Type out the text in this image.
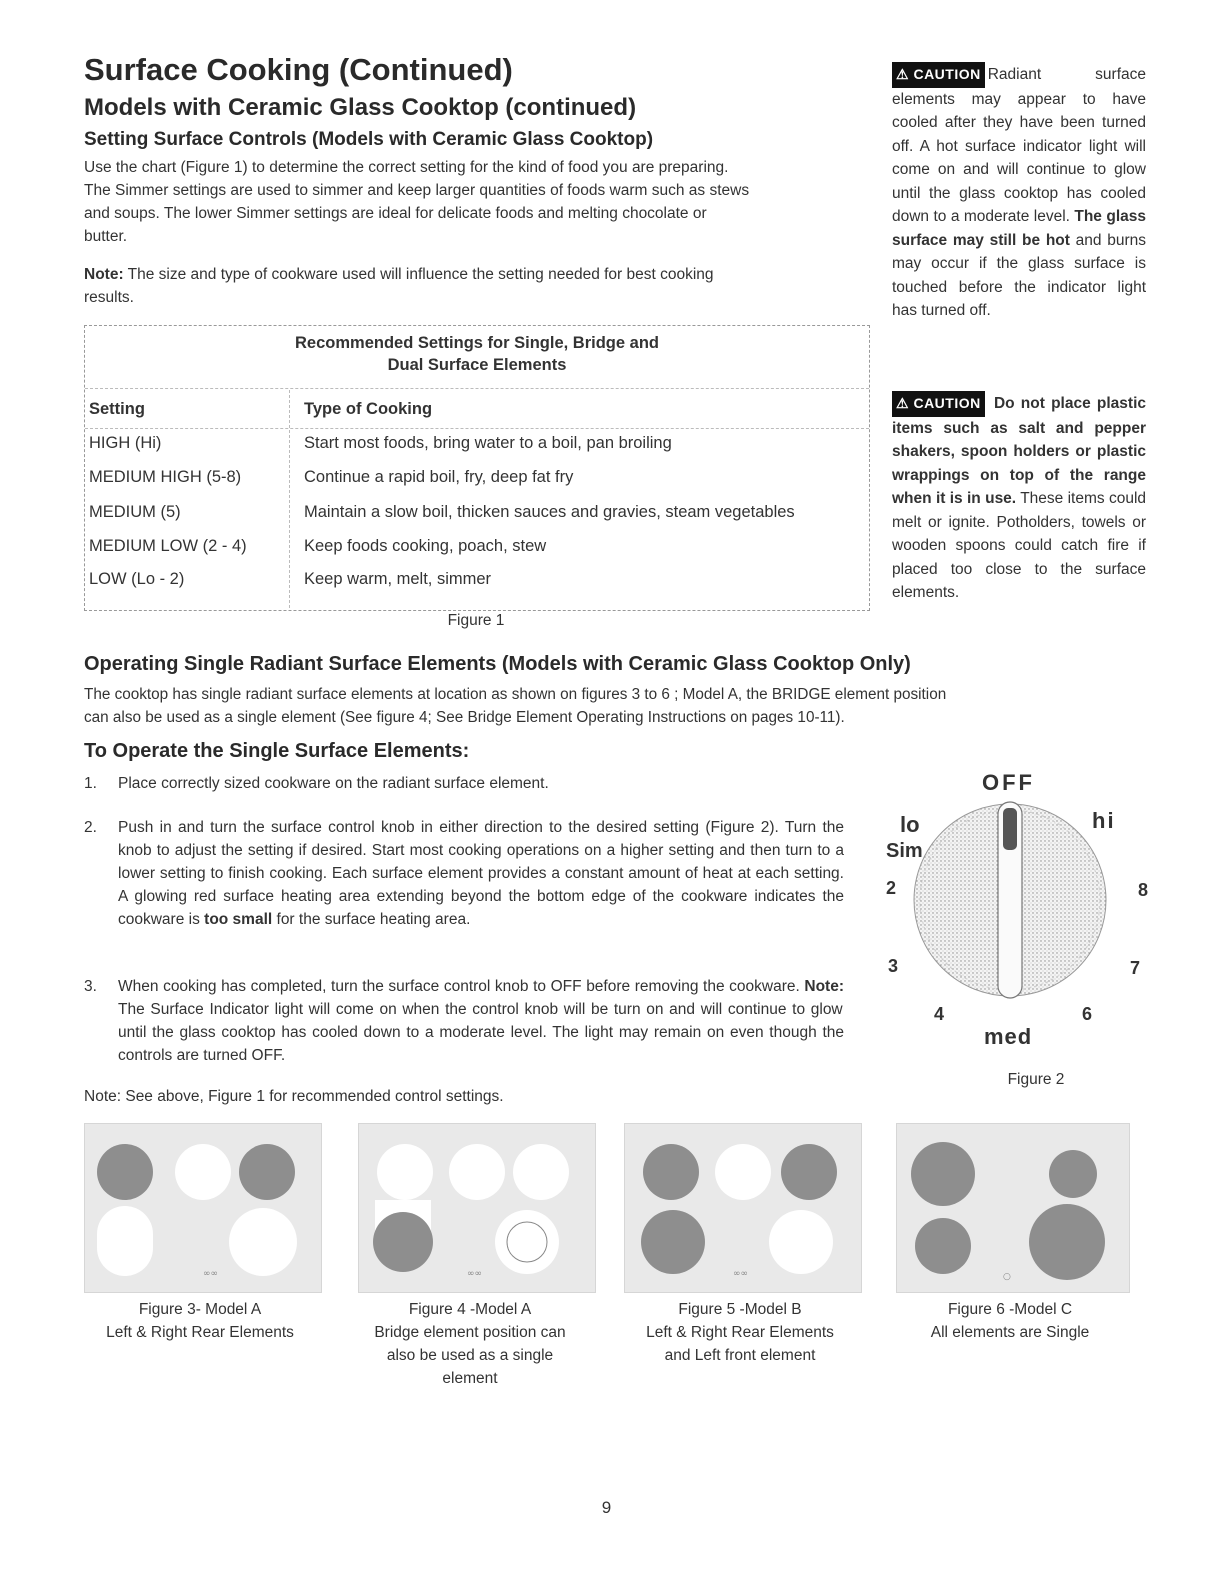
Surface Cooking (Continued)
Models with Ceramic Glass Cooktop (continued)
Setting Surface Controls (Models with Ceramic Glass Cooktop)
Use the chart (Figure 1) to determine the correct setting for the kind of food you are preparing.
The Simmer settings are used to simmer and keep larger quantities of foods warm such as stews
and soups. The lower Simmer settings are ideal for delicate foods and melting chocolate or
butter.
Note: The size and type of cookware used will influence the setting needed for best cooking
results.
Recommended Settings for Single, Bridge and
Dual Surface Elements
Setting	Type of Cooking
HIGH (Hi)	Start most foods, bring water to a boil, pan broiling
MEDIUM HIGH (5-8)	Continue a rapid boil, fry, deep fat fry
MEDIUM (5)	Maintain a slow boil, thicken sauces and gravies, steam vegetables
MEDIUM LOW (2 - 4)	Keep foods cooking, poach, stew
LOW (Lo - 2)	Keep warm, melt, simmer
Figure 1
⚠ CAUTION Radiant surface elements may appear to have cooled after they have been turned off. A hot surface indicator light will come on and will continue to glow until the glass cooktop has cooled down to a moderate level. The glass surface may still be hot and burns may occur if the glass surface is touched before the indicator light has turned off.
⚠ CAUTION Do not place plastic items such as salt and pepper shakers, spoon holders or plastic wrappings on top of the range when it is in use. These items could melt or ignite. Potholders, towels or wooden spoons could catch fire if placed too close to the surface elements.
Operating Single Radiant Surface Elements (Models with Ceramic Glass Cooktop Only)
The cooktop has single radiant surface elements at location as shown on figures 3 to 6 ; Model A, the BRIDGE element position
can also be used as a single element (See figure 4; See Bridge Element Operating Instructions on pages 10-11).
To Operate the Single Surface Elements:
1. Place correctly sized cookware on the radiant surface element.
2. Push in and turn the surface control knob in either direction to the desired setting (Figure 2). Turn the knob to adjust the setting if desired. Start most cooking operations on a higher setting and then turn to a lower setting to finish cooking. Each surface element provides a constant amount of heat at each setting. A glowing red surface heating area extending beyond the bottom edge of the cookware indicates the cookware is too small for the surface heating area.
3. When cooking has completed, turn the surface control knob to OFF before removing the cookware. Note: The Surface Indicator light will come on when the control knob will be turn on and will continue to glow until the glass cooktop has cooled down to a moderate level. The light may remain on even though the controls are turned OFF.
Note: See above, Figure 1 for recommended control settings.
OFF
lo	hi
Sim
2	8
3	7
4	6
med
Figure 2
∞∞	∞∞	∞∞	○
Figure 3- Model A
Left & Right Rear Elements
Figure 4 -Model A
Bridge element position can
also be used as a single
element
Figure 5 -Model B
Left & Right Rear Elements
and Left front element
Figure 6 -Model C
All elements are Single
9
